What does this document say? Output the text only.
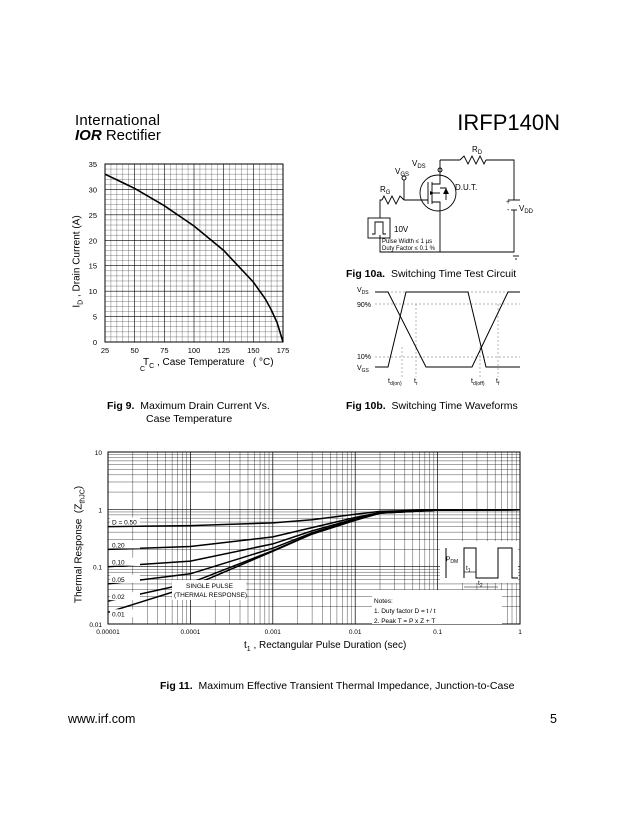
International
IOR Rectifier
IRFP140N
25	50	75	100 125 150 175
0
5
10
15
20
25
30
35
$_C$
$T_C$ , Case Temperature   ( °C)
$I_D$ , Drain Current (A)
Fig 9. Maximum Drain Current Vs.
Case Temperature
$V_{DS}$
$R_D$
$V_{GS}$
$R_G$
D.U.T.
+
- $V_{DD}$
10V
Pulse Width ≤ 1 µs
Duty Factor ≤ 0.1 %
Fig 10a. Switching Time Test Circuit
$V_{DS}$
90%
10%
$V_{GS}$
$t_{d(on)}$ $t_r$	$t_{d(off)}$ $t_f$
Fig 10b. Switching Time Waveforms
0.00001	0.0001	0.001	0.01	0.1	1
0.01
0.1
1
10
D = 0.50
0.20
0.10
0.05
0.02
0.01
SINGLE PULSE
(THERMAL RESPONSE)
Notes:
1. Duty factor D = t / t
2. Peak T = P x Z + T
$P_{DM}$
$t_1$
$t_2$
$t_1$ , Rectangular Pulse Duration (sec)
Thermal Response  $(Z_{thJC})$
Fig 11. Maximum Effective Transient Thermal Impedance, Junction-to-Case
www.irf.com	5
